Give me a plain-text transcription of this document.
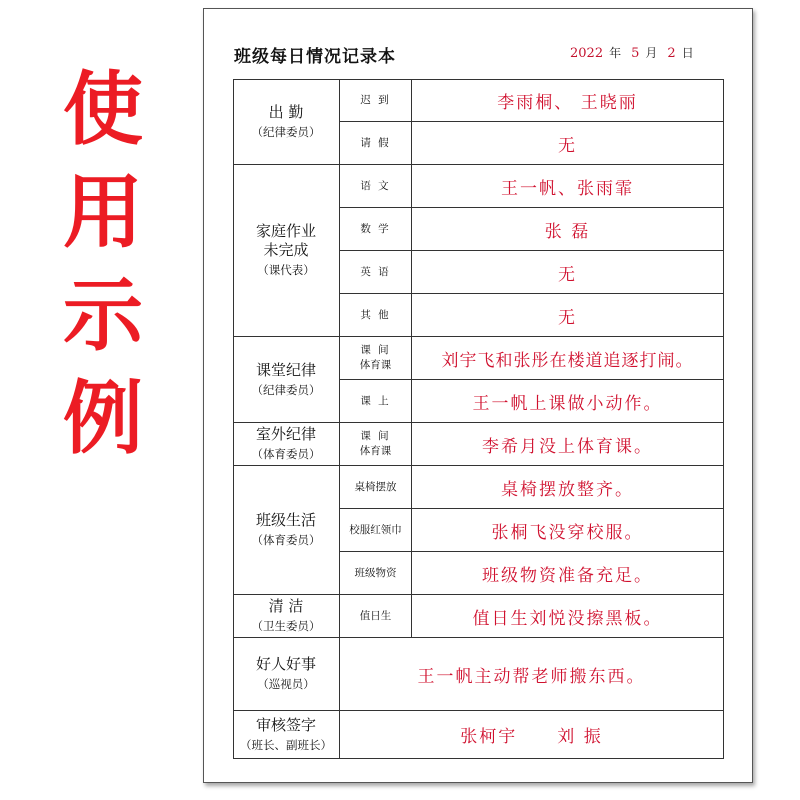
使
用
示
例
班级每日情况记录本	2022 年 5 月 2 日
出 勤
（纪律委员）
家庭作业
未完成
（课代表）
课堂纪律
（纪律委员）
室外纪律
（体育委员）
班级生活
（体育委员）
清 洁
（卫生委员）
好人好事
（巡视员）
审核签字
（班长、副班长）
迟 到
请 假
语 文
数 学
英 语
其 他
课 间
体育课
课 上
课 间
体育课
桌椅摆放
校服红领巾
班级物资
值日生
李雨桐、 王晓丽
无
王一帆、张雨霏
张 磊
无
无
刘宇飞和张彤在楼道追逐打闹。
王一帆上课做小动作。
李希月没上体育课。
桌椅摆放整齐。
张桐飞没穿校服。
班级物资准备充足。
值日生刘悦没擦黑板。
王一帆主动帮老师搬东西。
张柯宇 刘 振
